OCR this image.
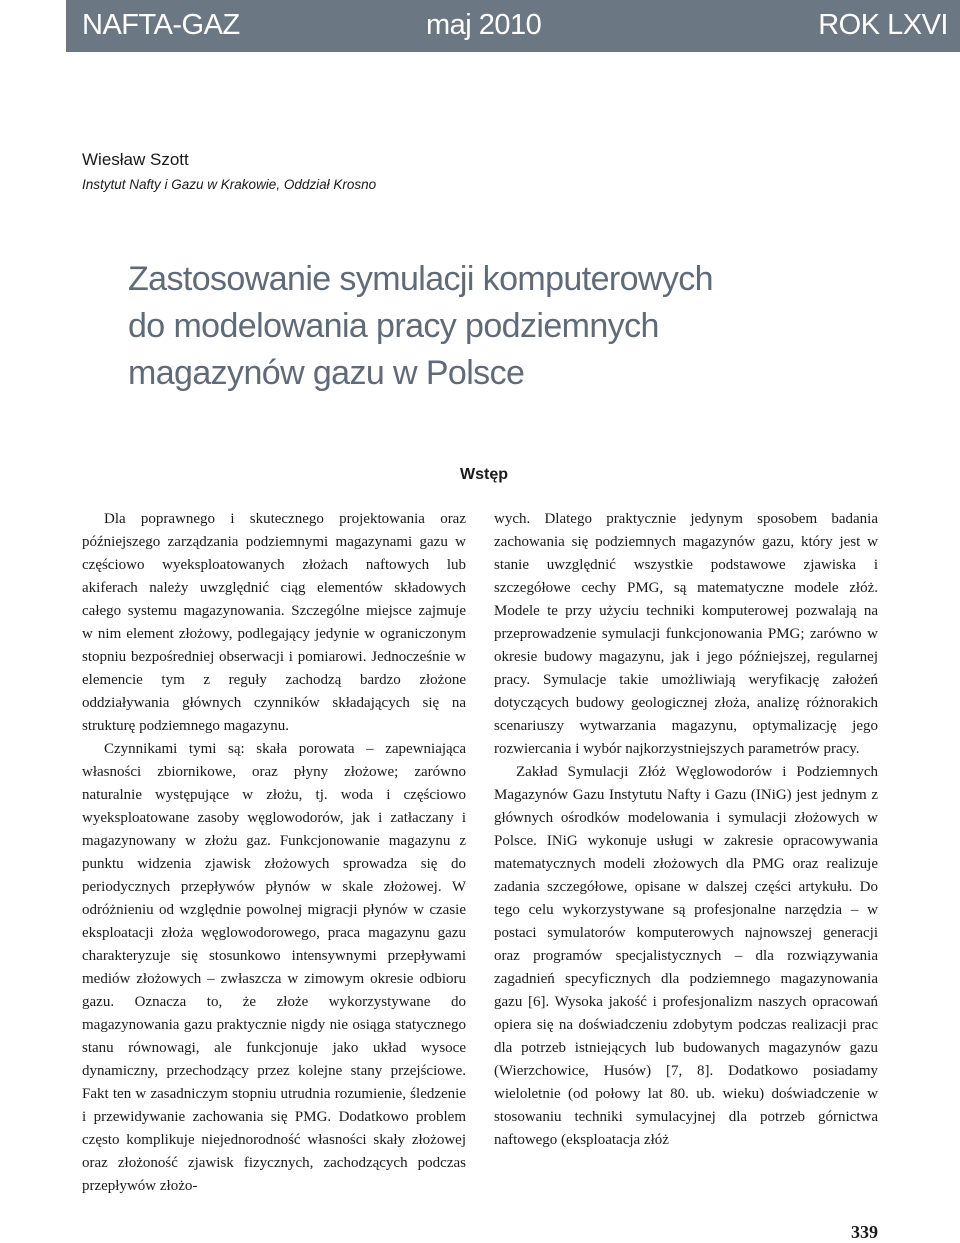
NAFTA-GAZ	maj 2010	ROK LXVI
Wiesław Szott
Instytut Nafty i Gazu w Krakowie, Oddział Krosno
Zastosowanie symulacji komputerowych
do modelowania pracy podziemnych
magazynów gazu w Polsce
Wstęp

Dla poprawnego i skutecznego projektowania oraz późniejszego zarządzania podziemnymi magazynami gazu w częściowo wyeksploatowanych złożach naftowych lub akiferach należy uwzględnić ciąg elementów składowych całego systemu magazynowania. Szczególne miejsce zajmuje w nim element złożowy, podlegający jedynie w ograniczonym stopniu bezpośredniej obserwacji i pomiarowi. Jednocześnie w elemencie tym z reguły zachodzą bardzo złożone oddziaływania głównych czynników składających się na strukturę podziemnego magazynu.

Czynnikami tymi są: skała porowata – zapewniająca własności zbiornikowe, oraz płyny złożowe; zarówno naturalnie występujące w złożu, tj. woda i częściowo wyeksploatowane zasoby węglowodorów, jak i zatłaczany i magazynowany w złożu gaz. Funkcjonowanie magazynu z punktu widzenia zjawisk złożowych sprowadza się do periodycznych przepływów płynów w skale złożowej. W odróżnieniu od względnie powolnej migracji płynów w czasie eksploatacji złoża węglowodorowego, praca magazynu gazu charakteryzuje się stosunkowo intensywnymi przepływami mediów złożowych – zwłaszcza w zimowym okresie odbioru gazu. Oznacza to, że złoże wykorzystywane do magazynowania gazu praktycznie nigdy nie osiąga statycznego stanu równowagi, ale funkcjonuje jako układ wysoce dynamiczny, przechodzący przez kolejne stany przejściowe. Fakt ten w zasadniczym stopniu utrudnia rozumienie, śledzenie i przewidywanie zachowania się PMG. Dodatkowo problem często komplikuje niejednorodność własności skały złożowej oraz złożoność zjawisk fizycznych, zachodzących podczas przepływów złożo-

wych. Dlatego praktycznie jedynym sposobem badania zachowania się podziemnych magazynów gazu, który jest w stanie uwzględnić wszystkie podstawowe zjawiska i szczegółowe cechy PMG, są matematyczne modele złóż. Modele te przy użyciu techniki komputerowej pozwalają na przeprowadzenie symulacji funkcjonowania PMG; zarówno w okresie budowy magazynu, jak i jego późniejszej, regularnej pracy. Symulacje takie umożliwiają weryfikację założeń dotyczących budowy geologicznej złoża, analizę różnorakich scenariuszy wytwarzania magazynu, optymalizację jego rozwiercania i wybór najkorzystniejszych parametrów pracy.

Zakład Symulacji Złóż Węglowodorów i Podziemnych Magazynów Gazu Instytutu Nafty i Gazu (INiG) jest jednym z głównych ośrodków modelowania i symulacji złożowych w Polsce. INiG wykonuje usługi w zakresie opracowywania matematycznych modeli złożowych dla PMG oraz realizuje zadania szczegółowe, opisane w dalszej części artykułu. Do tego celu wykorzystywane są profesjonalne narzędzia – w postaci symulatorów komputerowych najnowszej generacji oraz programów specjalistycznych – dla rozwiązywania zagadnień specyficznych dla podziemnego magazynowania gazu [6]. Wysoka jakość i profesjonalizm naszych opracowań opiera się na doświadczeniu zdobytym podczas realizacji prac dla potrzeb istniejących lub budowanych magazynów gazu (Wierzchowice, Husów) [7, 8]. Dodatkowo posiadamy wieloletnie (od połowy lat 80. ub. wieku) doświadczenie w stosowaniu techniki symulacyjnej dla potrzeb górnictwa naftowego (eksploatacja złóż

339
